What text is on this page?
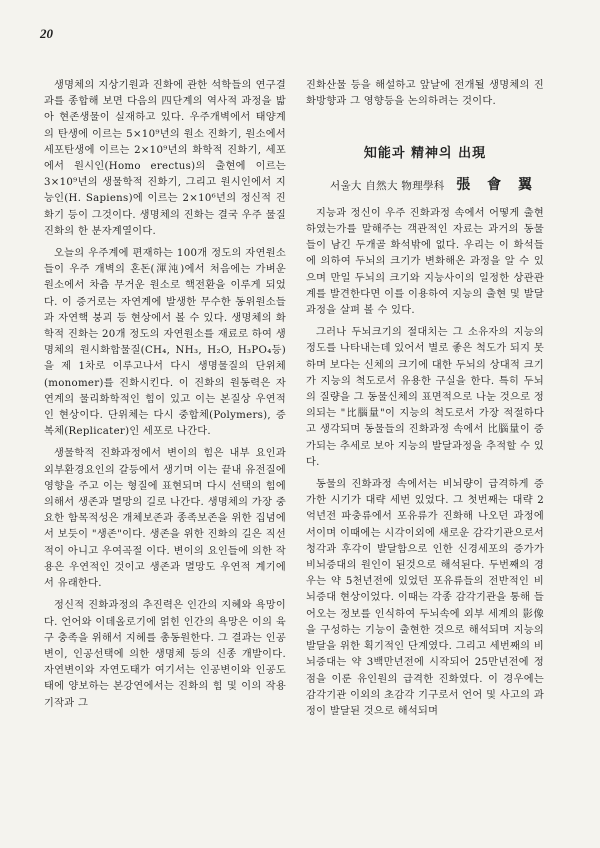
20

생명체의 지상기원과 진화에 관한 석학들의 연구결과를 종합해 보면 다음의 四단계의 역사적 과정을 밟아 현존생물이 실재하고 있다. 우주개벽에서 태양계의 탄생에 이르는 5×10⁹년의 원소 진화기, 원소에서 세포탄생에 이르는 2×10⁹년의 화학적 진화기, 세포에서 원시인(Homo erectus)의 출현에 이르는 3×10⁹년의 생물학적 진화기, 그리고 원시인에서 지능인(H. Sapiens)에 이르는 2×10⁶년의 정신적 진화기 등이 그것이다. 생명체의 진화는 결국 우주 물질진화의 한 분자계열이다.

오늘의 우주계에 편재하는 100개 정도의 자연원소들이 우주 개벽의 혼돈(渾沌)에서 처음에는 가벼운 원소에서 차츰 무거운 원소로 핵전환을 이루게 되었다. 이 증거로는 자연계에 발생한 무수한 동위원소들과 자연핵 붕괴 등 현상에서 볼 수 있다. 생명체의 화학적 진화는 20개 정도의 자연원소를 재료로 하여 생명체의 원시화합물질(CH₄, NH₃, H₂O, H₃PO₄등)을 제 1차로 이루고나서 다시 생명물질의 단위체(monomer)를 진화시킨다. 이 진화의 원동력은 자연계의 물리화학적인 힘이 있고 이는 본질상 우연적인 현상이다. 단위체는 다시 중합체(Polymers), 증복체(Replicater)인 세포로 나간다.

생물학적 진화과정에서 변이의 힘은 내부 요인과 외부환경요인의 갈등에서 생기며 이는 끝내 유전질에 영향을 주고 이는 형질에 표현되며 다시 선택의 힘에 의해서 생존과 멸망의 길로 나간다. 생명체의 가장 중요한 함목적성은 개체보존과 종족보존을 위한 집념에서 보듯이 "생존"이다. 생존을 위한 진화의 길은 직선적이 아니고 우여곡절 이다. 변이의 요인들에 의한 작용은 우연적인 것이고 생존과 멸망도 우연적 계기에서 유래한다.

정신적 진화과정의 추진력은 인간의 지혜와 욕망이다. 언어와 이데올로기에 얽힌 인간의 욕망은 이의 육구 충족을 위해서 지혜를 총동원한다. 그 결과는 인공변이, 인공선택에 의한 생명체 등의 신종 개발이다. 자연변이와 자연도태가 여기서는 인공변이와 인공도태에 양보하는 본강연에서는 진화의 힘 및 이의 작용기작과 그

진화산물 등을 해설하고 앞날에 전개될 생명체의 진화방향과 그 영향등을 논의하려는 것이다.

知能과 精神의 出現
서울大 自然大 物理學科 張 會 翼

지능과 정신이 우주 진화과정 속에서 어떻게 출현하였는가를 말해주는 객관적인 자료는 과거의 동물들이 남긴 두개골 화석밖에 없다. 우리는 이 화석들에 의하여 두뇌의 크기가 변화해온 과정을 알 수 있으며 만일 두뇌의 크기와 지능사이의 일정한 상관관계를 발견한다면 이를 이용하여 지능의 출현 및 발달과정을 살펴 볼 수 있다.

그러나 두뇌크기의 절대치는 그 소유자의 지능의 정도를 나타내는데 있어서 별로 좋은 척도가 되지 못하며 보다는 신체의 크기에 대한 두뇌의 상대적 크기가 지능의 척도로서 유용한 구실을 한다. 특히 두뇌의 질량을 그 동물신체의 표면적으로 나눈 것으로 정의되는 "比腦量"이 지능의 척도로서 가장 적절하다고 생각되며 동물들의 진화과정 속에서 比腦量이 증가되는 추세로 보아 지능의 발달과정을 추적할 수 있다.

동물의 진화과정 속에서는 비뇌량이 급격하게 증가한 시기가 대략 세번 있었다. 그 첫번째는 대략 2억년전 파충류에서 포유류가 진화해 나오던 과정에서이며 이때에는 시각이외에 새로운 감각기관으로서 청각과 후각이 발달함으로 인한 신경세포의 증가가 비뇌증대의 원인이 된것으로 해석된다. 두번째의 경우는 약 5천년전에 있었던 포유류들의 전반적인 비뇌증대 현상이었다. 이때는 각종 감각기관을 통해 들어오는 정보를 인식하여 두뇌속에 외부 세계의 影像을 구성하는 기능이 출현한 것으로 해석되며 지능의 발달을 위한 획기적인 단계였다. 그리고 세번째의 비뇌증대는 약 3백만년전에 시작되어 25만년전에 정점을 이룬 유인원의 급격한 진화였다. 이 경우에는 감각기관 이외의 초감각 기구로서 언어 및 사고의 과정이 발달된 것으로 해석되며
